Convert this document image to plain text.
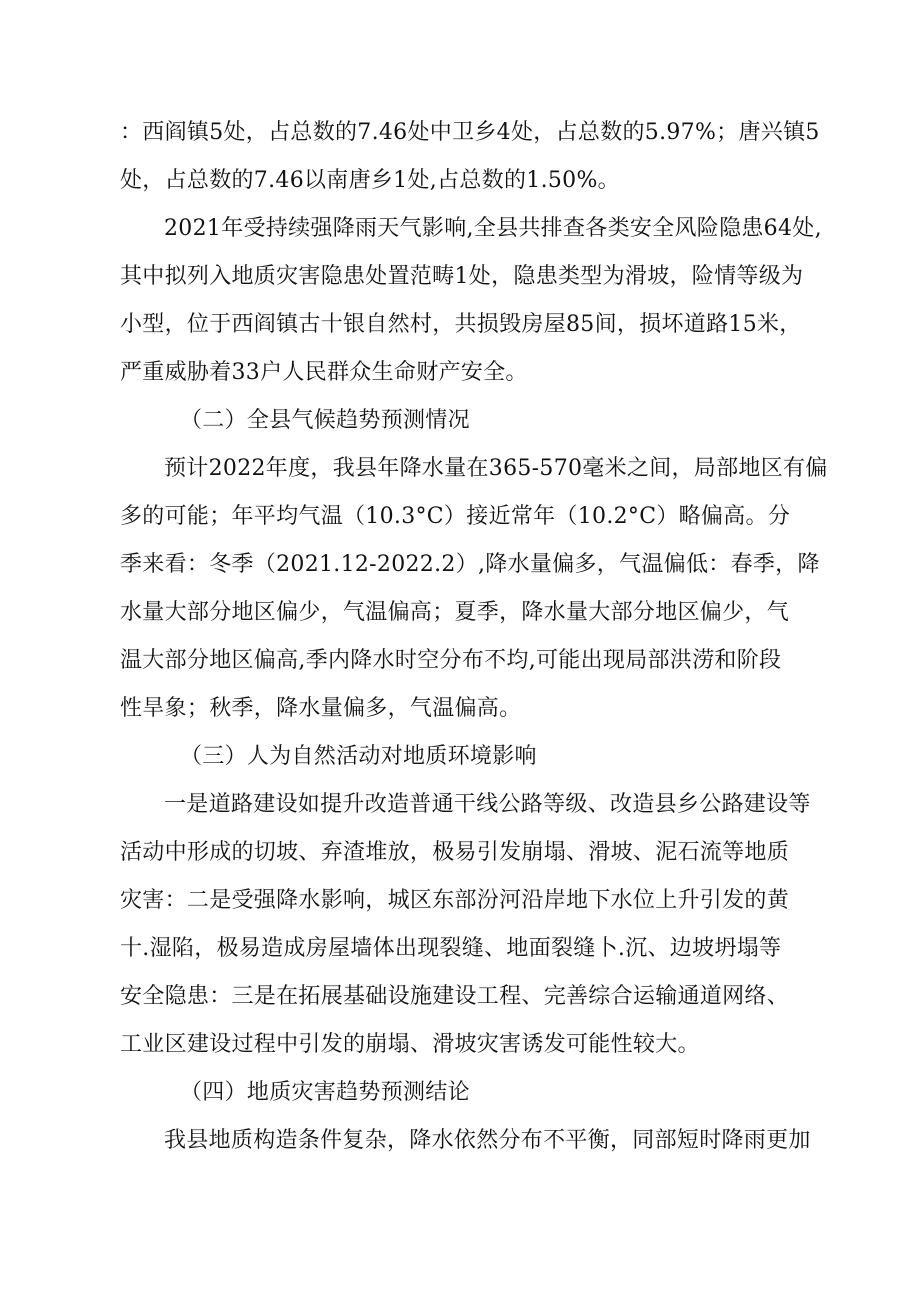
：西阎镇5处，占总数的7.46处中卫乡4处，占总数的5.97%；唐兴镇5
处，占总数的7.46以南唐乡1处,占总数的1.50%。
2021年受持续强降雨天气影响,全县共排查各类安全风险隐患64处,
其中拟列入地质灾害隐患处置范畴1处，隐患类型为滑坡，险情等级为
小型，位于西阎镇古十银自然村，共损毁房屋85间，损坏道路15米，
严重威胁着33户人民群众生命财产安全。
（二）全县气候趋势预测情况
预计2022年度，我县年降水量在365-570毫米之间，局部地区有偏
多的可能；年平均气温（10.3°C）接近常年（10.2°C）略偏高。分
季来看：冬季（2021.12-2022.2）,降水量偏多，气温偏低：春季，降
水量大部分地区偏少，气温偏高；夏季，降水量大部分地区偏少，气
温大部分地区偏高,季内降水时空分布不均,可能出现局部洪涝和阶段
性旱象；秋季，降水量偏多，气温偏高。
（三）人为自然活动对地质环境影响
一是道路建设如提升改造普通干线公路等级、改造县乡公路建设等
活动中形成的切坡、弃渣堆放，极易引发崩塌、滑坡、泥石流等地质
灾害：二是受强降水影响，城区东部汾河沿岸地下水位上升引发的黄
十.湿陷，极易造成房屋墙体出现裂缝、地面裂缝卜.沉、边坡坍塌等
安全隐患：三是在拓展基础设施建设工程、完善综合运输通道网络、
工业区建设过程中引发的崩塌、滑坡灾害诱发可能性较大。
（四）地质灾害趋势预测结论
我县地质构造条件复杂，降水依然分布不平衡，同部短时降雨更加
